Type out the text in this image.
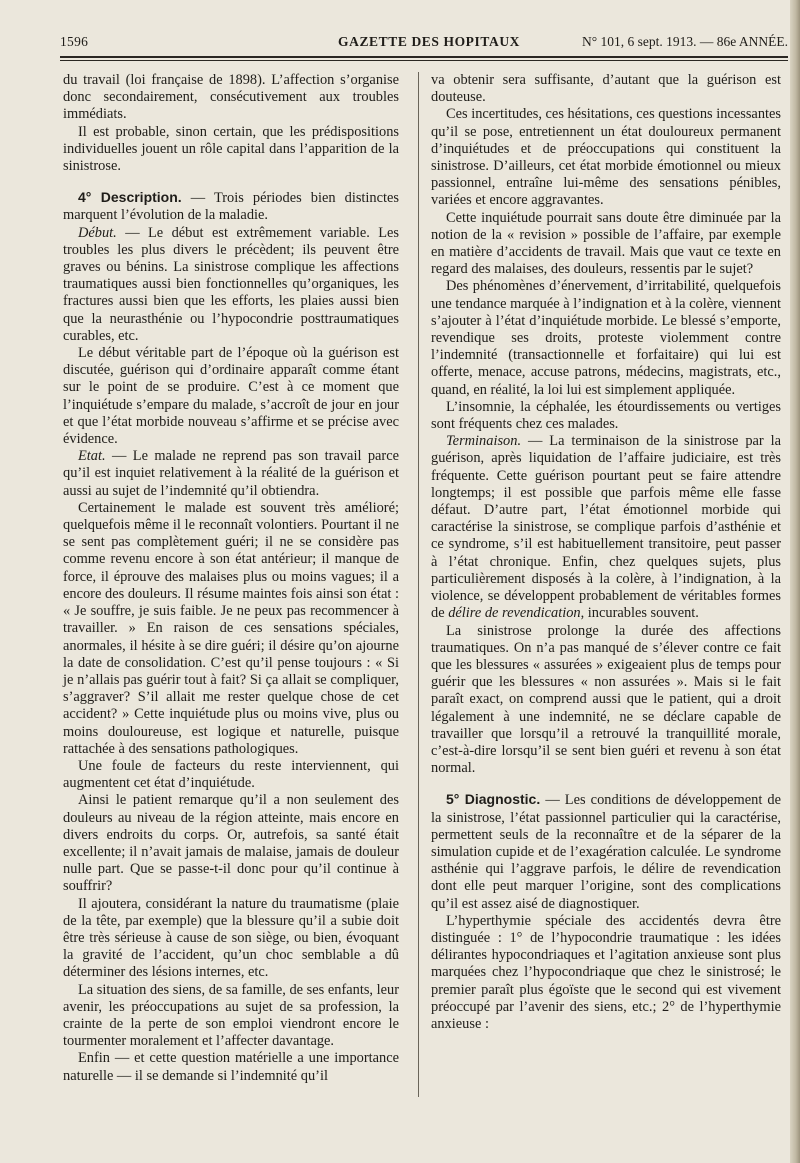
1596	GAZETTE DES HOPITAUX	N° 101, 6 sept. 1913. — 86e ANNÉE.

du travail (loi française de 1898). L’affection s’organise donc secondairement, consécutivement aux troubles immédiats.

Il est probable, sinon certain, que les prédispositions individuelles jouent un rôle capital dans l’apparition de la sinistrose.

4° Description. — Trois périodes bien distinctes marquent l’évolution de la maladie.

Début. — Le début est extrêmement variable. Les troubles les plus divers le précèdent; ils peuvent être graves ou bénins. La sinistrose complique les affections traumatiques aussi bien fonctionnelles qu’organiques, les fractures aussi bien que les efforts, les plaies aussi bien que la neurasthénie ou l’hypocondrie posttraumatiques curables, etc.

Le début véritable part de l’époque où la guérison est discutée, guérison qui d’ordinaire apparaît comme étant sur le point de se produire. C’est à ce moment que l’inquiétude s’empare du malade, s’accroît de jour en jour et que l’état morbide nouveau s’affirme et se précise avec évidence.

Etat. — Le malade ne reprend pas son travail parce qu’il est inquiet relativement à la réalité de la guérison et aussi au sujet de l’indemnité qu’il obtiendra.

Certainement le malade est souvent très amélioré; quelquefois même il le reconnaît volontiers. Pourtant il ne se sent pas complètement guéri; il ne se considère pas comme revenu encore à son état antérieur; il manque de force, il éprouve des malaises plus ou moins vagues; il a encore des douleurs. Il résume maintes fois ainsi son état : « Je souffre, je suis faible. Je ne peux pas recommencer à travailler. » En raison de ces sensations spéciales, anormales, il hésite à se dire guéri; il désire qu’on ajourne la date de consolidation. C’est qu’il pense toujours : « Si je n’allais pas guérir tout à fait? Si ça allait se compliquer, s’aggraver? S’il allait me rester quelque chose de cet accident? » Cette inquiétude plus ou moins vive, plus ou moins douloureuse, est logique et naturelle, puisque rattachée à des sensations pathologiques.

Une foule de facteurs du reste interviennent, qui augmentent cet état d’inquiétude.

Ainsi le patient remarque qu’il a non seulement des douleurs au niveau de la région atteinte, mais encore en divers endroits du corps. Or, autrefois, sa santé était excellente; il n’avait jamais de malaise, jamais de douleur nulle part. Que se passe-t-il donc pour qu’il continue à souffrir?

Il ajoutera, considérant la nature du traumatisme (plaie de la tête, par exemple) que la blessure qu’il a subie doit être très sérieuse à cause de son siège, ou bien, évoquant la gravité de l’accident, qu’un choc semblable a dû déterminer des lésions internes, etc.

La situation des siens, de sa famille, de ses enfants, leur avenir, les préoccupations au sujet de sa profession, la crainte de la perte de son emploi viendront encore le tourmenter moralement et l’affecter davantage.

Enfin — et cette question matérielle a une importance naturelle — il se demande si l’indemnité qu’il

va obtenir sera suffisante, d’autant que la guérison est douteuse.

Ces incertitudes, ces hésitations, ces questions incessantes qu’il se pose, entretiennent un état douloureux permanent d’inquiétudes et de préoccupations qui constituent la sinistrose. D’ailleurs, cet état morbide émotionnel ou mieux passionnel, entraîne lui-même des sensations pénibles, variées et encore aggravantes.

Cette inquiétude pourrait sans doute être diminuée par la notion de la « revision » possible de l’affaire, par exemple en matière d’accidents de travail. Mais que vaut ce texte en regard des malaises, des douleurs, ressentis par le sujet?

Des phénomènes d’énervement, d’irritabilité, quelquefois une tendance marquée à l’indignation et à la colère, viennent s’ajouter à l’état d’inquiétude morbide. Le blessé s’emporte, revendique ses droits, proteste violemment contre l’indemnité (transactionnelle et forfaitaire) qui lui est offerte, menace, accuse patrons, médecins, magistrats, etc., quand, en réalité, la loi lui est simplement appliquée.

L’insomnie, la céphalée, les étourdissements ou vertiges sont fréquents chez ces malades.

Terminaison. — La terminaison de la sinistrose par la guérison, après liquidation de l’affaire judiciaire, est très fréquente. Cette guérison pourtant peut se faire attendre longtemps; il est possible que parfois même elle fasse défaut. D’autre part, l’état émotionnel morbide qui caractérise la sinistrose, se complique parfois d’asthénie et ce syndrome, s’il est habituellement transitoire, peut passer à l’état chronique. Enfin, chez quelques sujets, plus particulièrement disposés à la colère, à l’indignation, à la violence, se développent probablement de véritables formes de délire de revendication, incurables souvent.

La sinistrose prolonge la durée des affections traumatiques. On n’a pas manqué de s’élever contre ce fait que les blessures « assurées » exigeaient plus de temps pour guérir que les blessures « non assurées ». Mais si le fait paraît exact, on comprend aussi que le patient, qui a droit légalement à une indemnité, ne se déclare capable de travailler que lorsqu’il a retrouvé la tranquillité morale, c’est-à-dire lorsqu’il se sent bien guéri et revenu à son état normal.

5° Diagnostic. — Les conditions de développement de la sinistrose, l’état passionnel particulier qui la caractérise, permettent seuls de la reconnaître et de la séparer de la simulation cupide et de l’exagération calculée. Le syndrome asthénie qui l’aggrave parfois, le délire de revendication dont elle peut marquer l’origine, sont des complications qu’il est assez aisé de diagnostiquer.

L’hyperthymie spéciale des accidentés devra être distinguée : 1° de l’hypocondrie traumatique : les idées délirantes hypocondriaques et l’agitation anxieuse sont plus marquées chez l’hypocondriaque que chez le sinistrosé; le premier paraît plus égoïste que le second qui est vivement préoccupé par l’avenir des siens, etc.; 2° de l’hyperthymie anxieuse :
